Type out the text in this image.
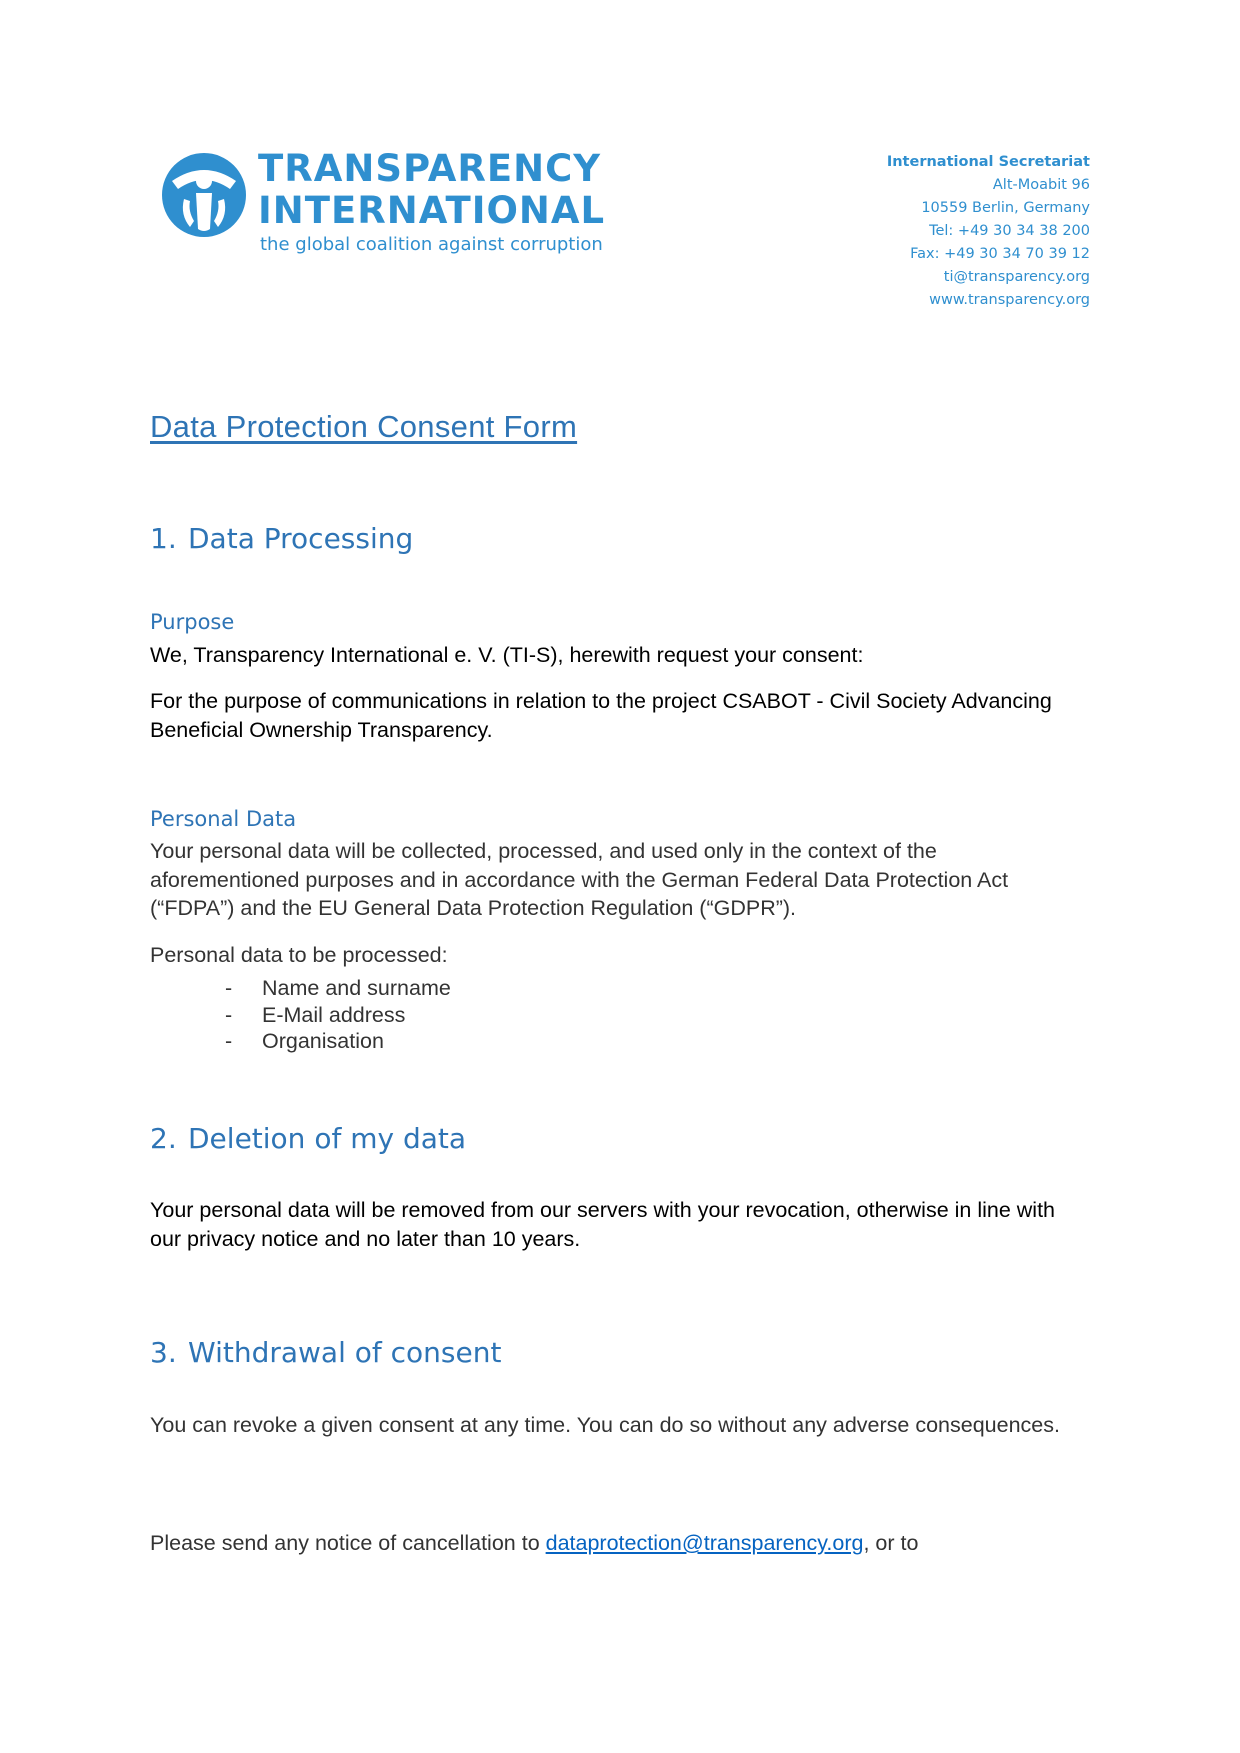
TRANSPARENCY
INTERNATIONAL
the global coalition against corruption
International Secretariat
Alt-Moabit 96
10559 Berlin, Germany
Tel: +49 30 34 38 200
Fax: +49 30 34 70 39 12
ti@transparency.org
www.transparency.org
Data Protection Consent Form
1. Data Processing
Purpose

We, Transparency International e. V. (TI-S), herewith request your consent:

For the purpose of communications in relation to the project CSABOT - Civil Society Advancing Beneficial Ownership Transparency.

Personal Data

Your personal data will be collected, processed, and used only in the context of the aforementioned purposes and in accordance with the German Federal Data Protection Act (“FDPA”) and the EU General Data Protection Regulation (“GDPR”).

Personal data to be processed:

- Name and surname
- E-Mail address
- Organisation
2. Deletion of my data

Your personal data will be removed from our servers with your revocation, otherwise in line with our privacy notice and no later than 10 years.

3. Withdrawal of consent

You can revoke a given consent at any time. You can do so without any adverse consequences.

Please send any notice of cancellation to dataprotection@transparency.org, or to
